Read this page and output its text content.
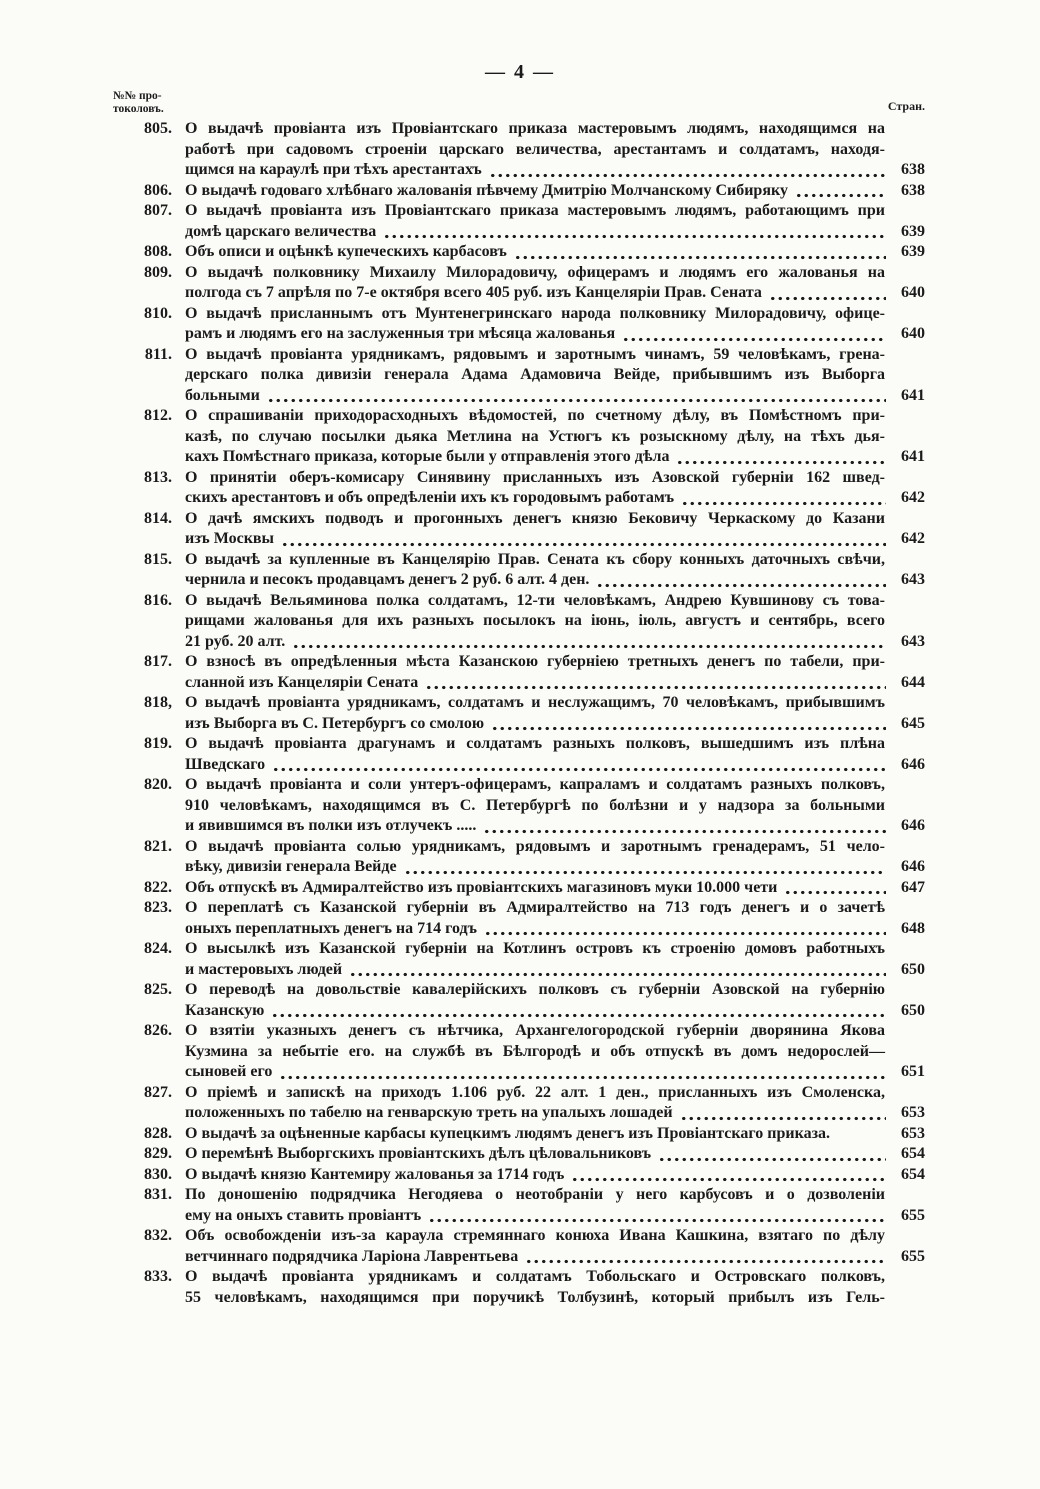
— 4 —
№№ про-
токоловъ.	Стран.
805. О выдачѣ провіанта изъ Провіантскаго приказа мастеровымъ людямъ, находящимся на
работѣ при садовомъ строеніи царскаго величества, арестантамъ и солдатамъ, находя-
щимся на караулѣ при тѣхъ арестантахъ	638
806. О выдачѣ годоваго хлѣбнаго жалованія пѣвчему Дмитрію Молчанскому Сибиряку	638
807. О выдачѣ провіанта изъ Провіантскаго приказа мастеровымъ людямъ, работающимъ при
домѣ царскаго величества	639
808. Объ описи и оцѣнкѣ купеческихъ карбасовъ	639
809. О выдачѣ полковнику Михаилу Милорадовичу, офицерамъ и людямъ его жалованья на
полгода съ 7 апрѣля по 7-е октября всего 405 руб. изъ Канцеляріи Прав. Сената	640
810. О выдачѣ присланнымъ отъ Мунтенегринскаго народа полковнику Милорадовичу, офице-
рамъ и людямъ его на заслуженныя три мѣсяца жалованья	640
811. О выдачѣ провіанта урядникамъ, рядовымъ и заротнымъ чинамъ, 59 человѣкамъ, грена-
дерскаго полка дивизіи генерала Адама Адамовича Вейде, прибывшимъ изъ Выборга
больными	641
812. О спрашиваніи приходорасходныхъ вѣдомостей, по счетному дѣлу, въ Помѣстномъ при-
казѣ, по случаю посылки дьяка Метлина на Устюгъ къ розыскному дѣлу, на тѣхъ дья-
кахъ Помѣстнаго приказа, которые были у отправленія этого дѣла	641
813. О принятіи оберъ-комисару Синявину присланныхъ изъ Азовской губерніи 162 швед-
скихъ арестантовъ и объ опредѣленіи ихъ къ городовымъ работамъ	642
814. О дачѣ ямскихъ подводъ и прогонныхъ денегъ князю Бековичу Черкаскому до Казани
изъ Москвы	642
815. О выдачѣ за купленные въ Канцелярію Прав. Сената къ сбору конныхъ даточныхъ свѣчи,
чернила и песокъ продавцамъ денегъ 2 руб. 6 алт. 4 ден.	643
816. О выдачѣ Вельяминова полка солдатамъ, 12-ти человѣкамъ, Андрею Кувшинову съ това-
рищами жалованья для ихъ разныхъ посылокъ на іюнь, іюль, августъ и сентябрь, всего
21 руб. 20 алт.	643
817. О взносѣ въ опредѣленныя мѣста Казанскою губерніею третныхъ денегъ по табели, при-
сланной изъ Канцеляріи Сената	644
818, О выдачѣ провіанта урядникамъ, солдатамъ и неслужащимъ, 70 человѣкамъ, прибывшимъ
изъ Выборга въ С. Петербургъ со смолою	645
819. О выдачѣ провіанта драгунамъ и солдатамъ разныхъ полковъ, вышедшимъ изъ плѣна
Шведскаго	646
820. О выдачѣ провіанта и соли унтеръ-офицерамъ, капраламъ и солдатамъ разныхъ полковъ,
910 человѣкамъ, находящимся въ С. Петербургѣ по болѣзни и у надзора за больными
и явившимся въ полки изъ отлучекъ .....	646
821. О выдачѣ провіанта солью урядникамъ, рядовымъ и заротнымъ гренадерамъ, 51 чело-
вѣку, дивизіи генерала Вейде	646
822. Объ отпускѣ въ Адмиралтейство изъ провіантскихъ магазиновъ муки 10.000 чети	647
823. О переплатѣ съ Казанской губерніи въ Адмиралтейство на 713 годъ денегъ и о зачетѣ
оныхъ переплатныхъ денегъ на 714 годъ	648
824. О высылкѣ изъ Казанской губерніи на Котлинъ островъ къ строенію домовъ работныхъ
и мастеровыхъ людей	650
825. О переводѣ на довольствіе кавалерійскихъ полковъ съ губерніи Азовской на губернію
Казанскую	650
826. О взятіи указныхъ денегъ съ нѣтчика, Архангелогородской губерніи дворянина Якова
Кузмина за небытіе его. на службѣ въ Бѣлгородѣ и объ отпускѣ въ домъ недорослей—
сыновей его	651
827. О пріемѣ и запискѣ на приходъ 1.106 руб. 22 алт. 1 ден., присланныхъ изъ Смоленска,
положенныхъ по табелю на генварскую треть на упалыхъ лошадей	653
828. О выдачѣ за оцѣненные карбасы купецкимъ людямъ денегъ изъ Провіантскаго приказа.	653
829. О перемѣнѣ Выборгскихъ провіантскихъ дѣлъ цѣловальниковъ	654
830. О выдачѣ князю Кантемиру жалованья за 1714 годъ	654
831. По доношенію подрядчика Негодяева о неотобраніи у него карбусовъ и о дозволеніи
ему на оныхъ ставить провіантъ	655
832. Объ освобожденіи изъ-за караула стремяннаго конюха Ивана Кашкина, взятаго по дѣлу
ветчиннаго подрядчика Ларіона Лаврентьева	655
833. О выдачѣ провіанта урядникамъ и солдатамъ Тобольскаго и Островскаго полковъ,
55 человѣкамъ, находящимся при поручикѣ Толбузинѣ, который прибылъ изъ Гель-
